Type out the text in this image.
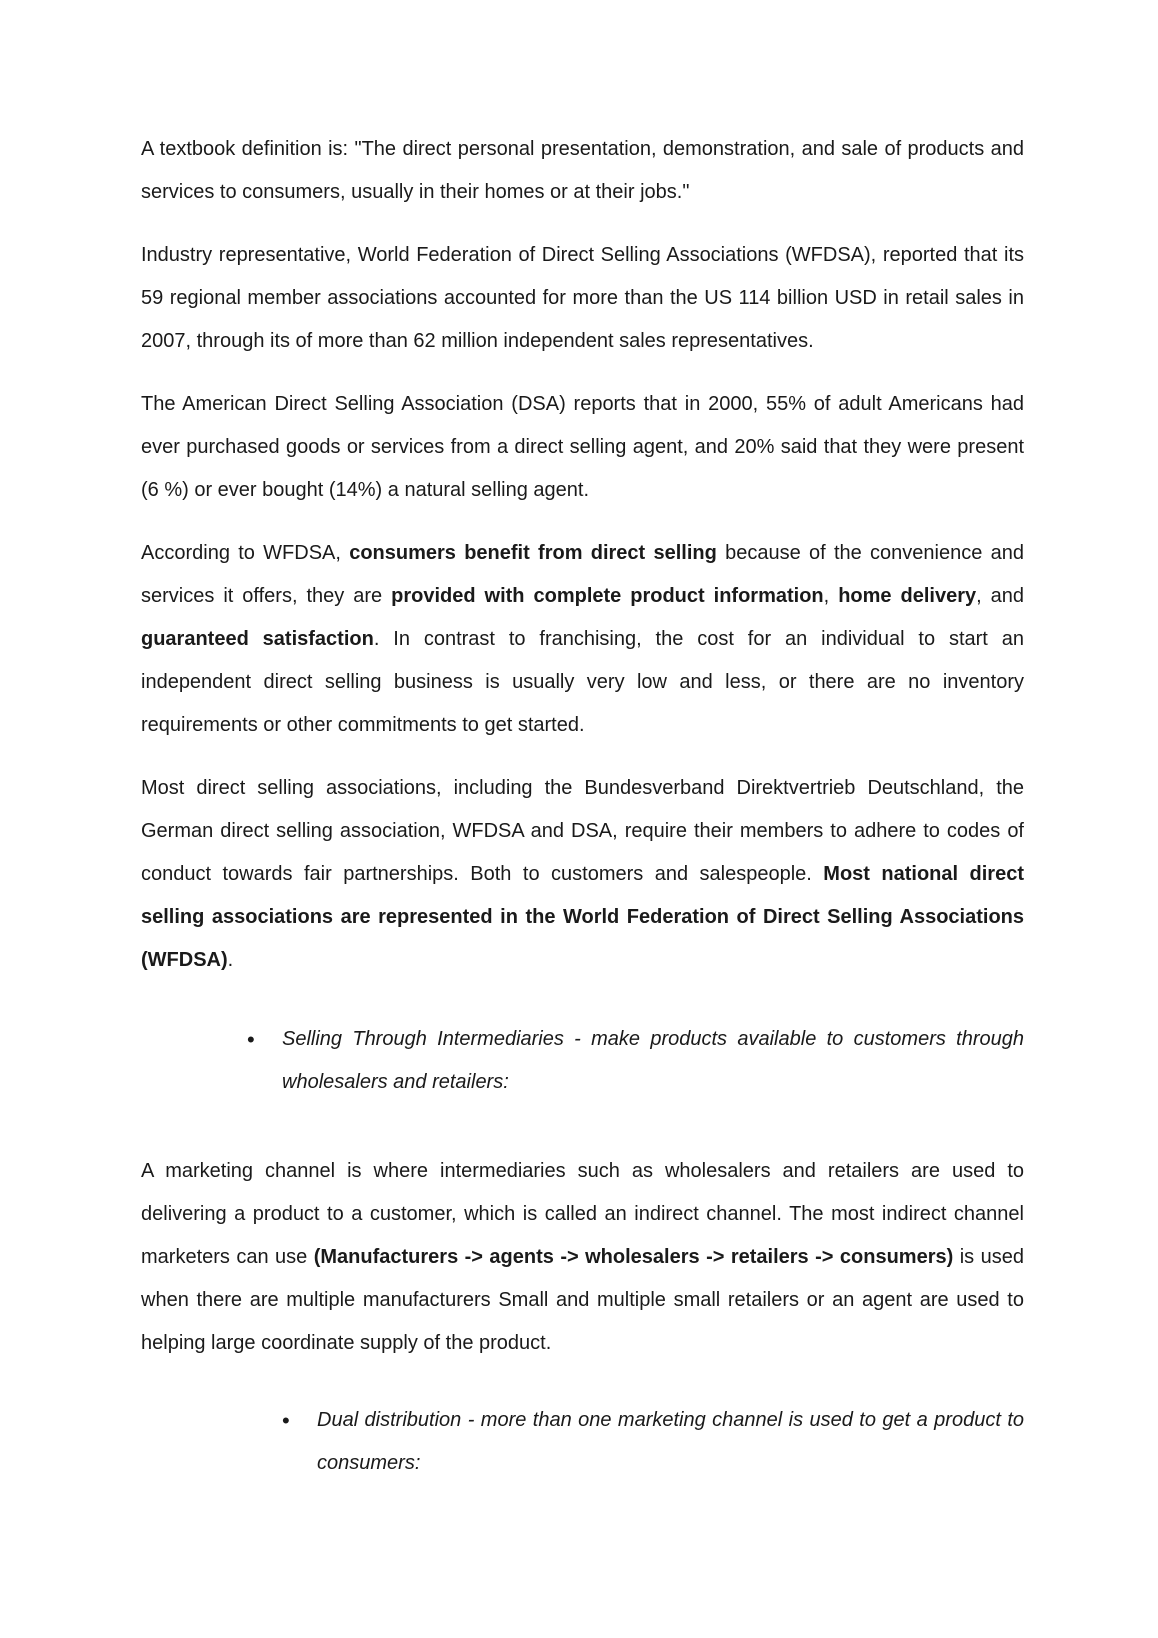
A textbook definition is: "The direct personal presentation, demonstration, and sale of products and services to consumers, usually in their homes or at their jobs."

Industry representative, World Federation of Direct Selling Associations (WFDSA), reported that its 59 regional member associations accounted for more than the US 114 billion USD in retail sales in 2007, through its of more than 62 million independent sales representatives.

The American Direct Selling Association (DSA) reports that in 2000, 55% of adult Americans had ever purchased goods or services from a direct selling agent, and 20% said that they were present (6 %) or ever bought (14%) a natural selling agent.

According to WFDSA, consumers benefit from direct selling because of the convenience and services it offers, they are provided with complete product information, home delivery, and guaranteed satisfaction. In contrast to franchising, the cost for an individual to start an independent direct selling business is usually very low and less, or there are no inventory requirements or other commitments to get started.

Most direct selling associations, including the Bundesverband Direktvertrieb Deutschland, the German direct selling association, WFDSA and DSA, require their members to adhere to codes of conduct towards fair partnerships. Both to customers and salespeople. Most national direct selling associations are represented in the World Federation of Direct Selling Associations (WFDSA).

• Selling Through Intermediaries - make products available to customers through wholesalers and retailers:

A marketing channel is where intermediaries such as wholesalers and retailers are used to delivering a product to a customer, which is called an indirect channel. The most indirect channel marketers can use (Manufacturers -> agents -> wholesalers -> retailers -> consumers) is used when there are multiple manufacturers Small and multiple small retailers or an agent are used to helping large coordinate supply of the product.

• Dual distribution - more than one marketing channel is used to get a product to consumers:
